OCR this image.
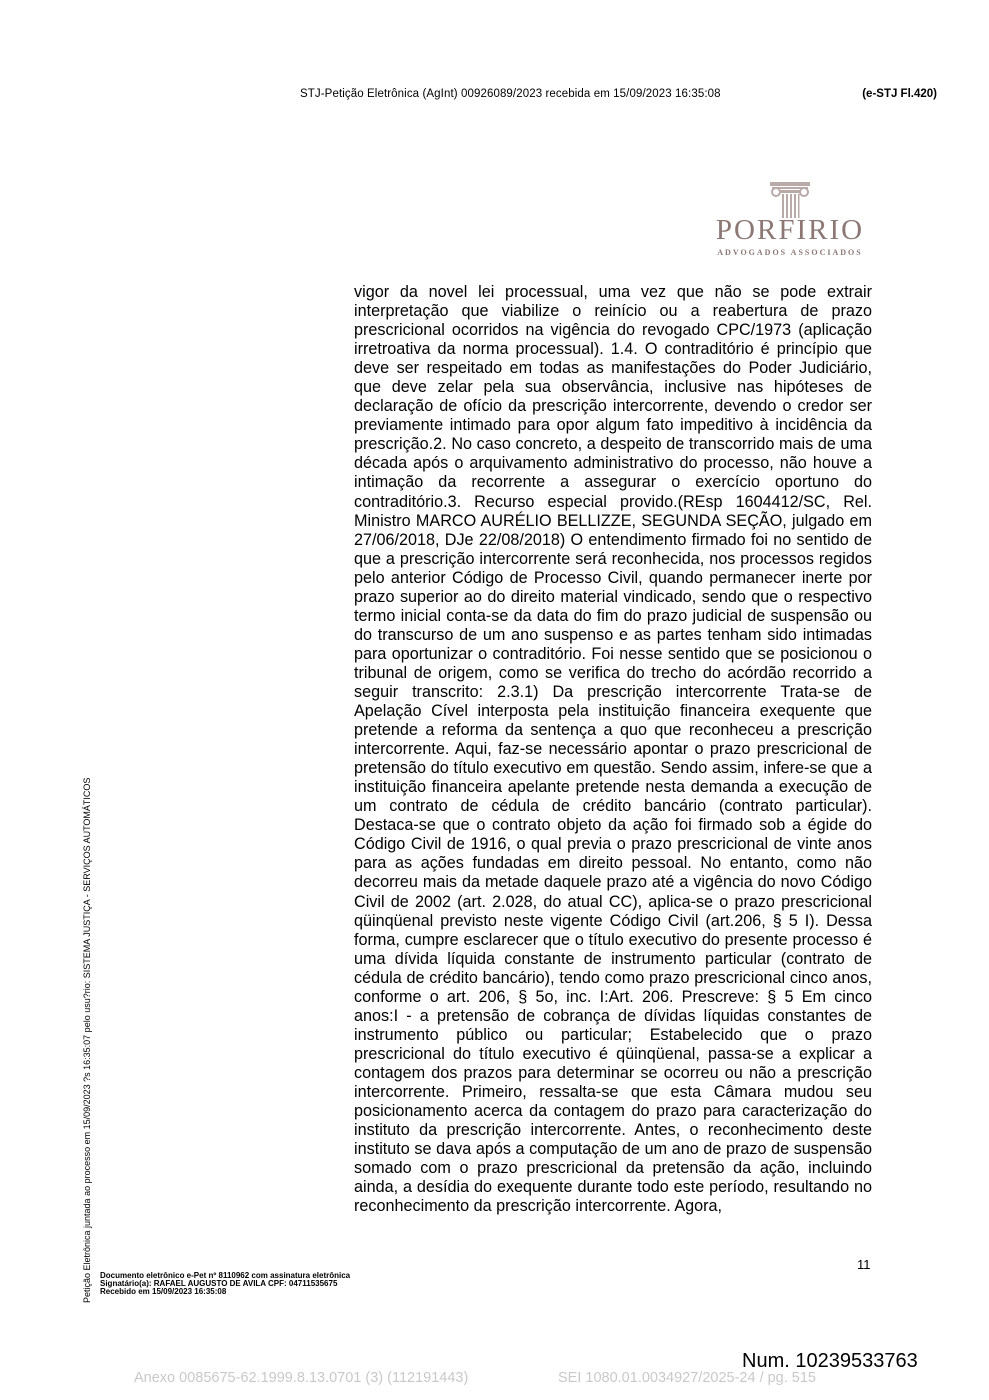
STJ-Petição Eletrônica (AgInt) 00926089/2023 recebida em 15/09/2023 16:35:08	(e-STJ Fl.420)
PORFIRIO
ADVOGADOS ASSOCIADOS

vigor da novel lei processual, uma vez que não se pode extrair interpretação que viabilize o reinício ou a reabertura de prazo prescricional ocorridos na vigência do revogado CPC/1973 (aplicação irretroativa da norma processual). 1.4. O contraditório é princípio que deve ser respeitado em todas as manifestações do Poder Judiciário, que deve zelar pela sua observância, inclusive nas hipóteses de declaração de ofício da prescrição intercorrente, devendo o credor ser previamente intimado para opor algum fato impeditivo à incidência da prescrição.2. No caso concreto, a despeito de transcorrido mais de uma década após o arquivamento administrativo do processo, não houve a intimação da recorrente a assegurar o exercício oportuno do contraditório.3. Recurso especial provido.(REsp 1604412/SC, Rel. Ministro MARCO AURÉLIO BELLIZZE, SEGUNDA SEÇÃO, julgado em 27/06/2018, DJe 22/08/2018) O entendimento firmado foi no sentido de que a prescrição intercorrente será reconhecida, nos processos regidos pelo anterior Código de Processo Civil, quando permanecer inerte por prazo superior ao do direito material vindicado, sendo que o respectivo termo inicial conta-se da data do fim do prazo judicial de suspensão ou do transcurso de um ano suspenso e as partes tenham sido intimadas para oportunizar o contraditório. Foi nesse sentido que se posicionou o tribunal de origem, como se verifica do trecho do acórdão recorrido a seguir transcrito: 2.3.1) Da prescrição intercorrente Trata-se de Apelação Cível interposta pela instituição financeira exequente que pretende a reforma da sentença a quo que reconheceu a prescrição intercorrente. Aqui, faz-se necessário apontar o prazo prescricional de pretensão do título executivo em questão. Sendo assim, infere-se que a instituição financeira apelante pretende nesta demanda a execução de um contrato de cédula de crédito bancário (contrato particular). Destaca-se que o contrato objeto da ação foi firmado sob a égide do Código Civil de 1916, o qual previa o prazo prescricional de vinte anos para as ações fundadas em direito pessoal. No entanto, como não decorreu mais da metade daquele prazo até a vigência do novo Código Civil de 2002 (art. 2.028, do atual CC), aplica-se o prazo prescricional qüinqüenal previsto neste vigente Código Civil (art.206, § 5 I). Dessa forma, cumpre esclarecer que o título executivo do presente processo é uma dívida líquida constante de instrumento particular (contrato de cédula de crédito bancário), tendo como prazo prescricional cinco anos, conforme o art. 206, § 5o, inc. I:Art. 206. Prescreve: § 5 Em cinco anos:I - a pretensão de cobrança de dívidas líquidas constantes de instrumento público ou particular; Estabelecido que o prazo prescricional do título executivo é qüinqüenal, passa-se a explicar a contagem dos prazos para determinar se ocorreu ou não a prescrição intercorrente. Primeiro, ressalta-se que esta Câmara mudou seu posicionamento acerca da contagem do prazo para caracterização do instituto da prescrição intercorrente. Antes, o reconhecimento deste instituto se dava após a computação de um ano de prazo de suspensão somado com o prazo prescricional da pretensão da ação, incluindo ainda, a desídia do exequente durante todo este período, resultando no reconhecimento da prescrição intercorrente. Agora,

11
Documento eletrônico e-Pet nº 8110962 com assinatura eletrônica
Signatário(a): RAFAEL AUGUSTO DE AVILA CPF: 04711535675
Recebido em 15/09/2023 16:35:08
Petição Eletrônica juntada ao processo em 15/09/2023 ?s 16:35:07 pelo usu?rio: SISTEMA JUSTIÇA - SERVIÇOS AUTOMÁTICOS
Num. 10239533763
Anexo 0085675-62.1999.8.13.0701 (3) (112191443)	SEI 1080.01.0034927/2025-24 / pg. 515
